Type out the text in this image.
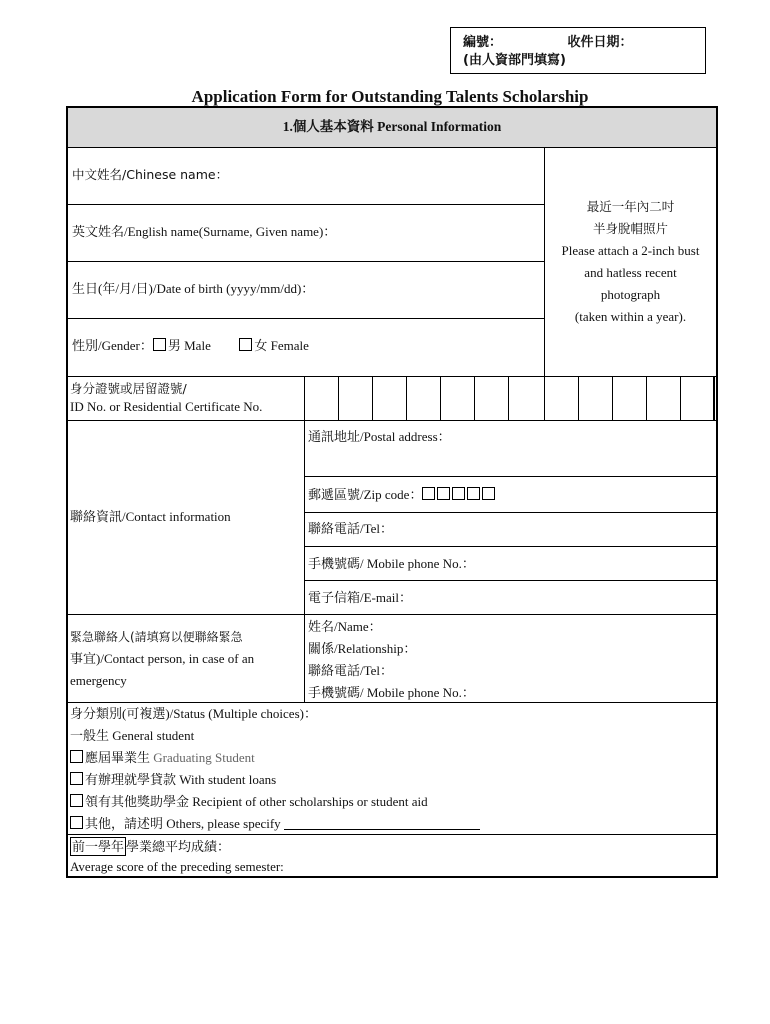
編號：	收件日期：
(由人資部門填寫)
Application Form for Outstanding Talents Scholarship
1.個人基本資料 Personal Information
中文姓名/Chinese name：
英文姓名/English name(Surname, Given name)：
生日(年/月/日)/Date of birth (yyyy/mm/dd)：
性別/Gender： 男 Male	女 Female
最近一年內二吋
半身脫帽照片
Please attach a 2-inch bust
and hatless recent
photograph
(taken within a year).
身分證號或居留證號/
ID No. or Residential Certificate No.
聯絡資訊/Contact information
通訊地址/Postal address：
郵遞區號/Zip code：
聯絡電話/Tel：
手機號碼/ Mobile phone No.：
電子信箱/E-mail：
緊急聯絡人(請填寫以便聯絡緊急
事宜)/Contact person, in case of an
emergency
姓名/Name：
關係/Relationship：
聯絡電話/Tel：
手機號碼/ Mobile phone No.：
身分類別(可複選)/Status (Multiple choices)：
一般生 General student
應屆畢業生 Graduating Student
有辦理就學貸款 With student loans
領有其他獎助學金 Recipient of other scholarships or student aid
其他，請述明 Others, please specify
前一學年 學業總平均成績：
Average score of the preceding semester:
